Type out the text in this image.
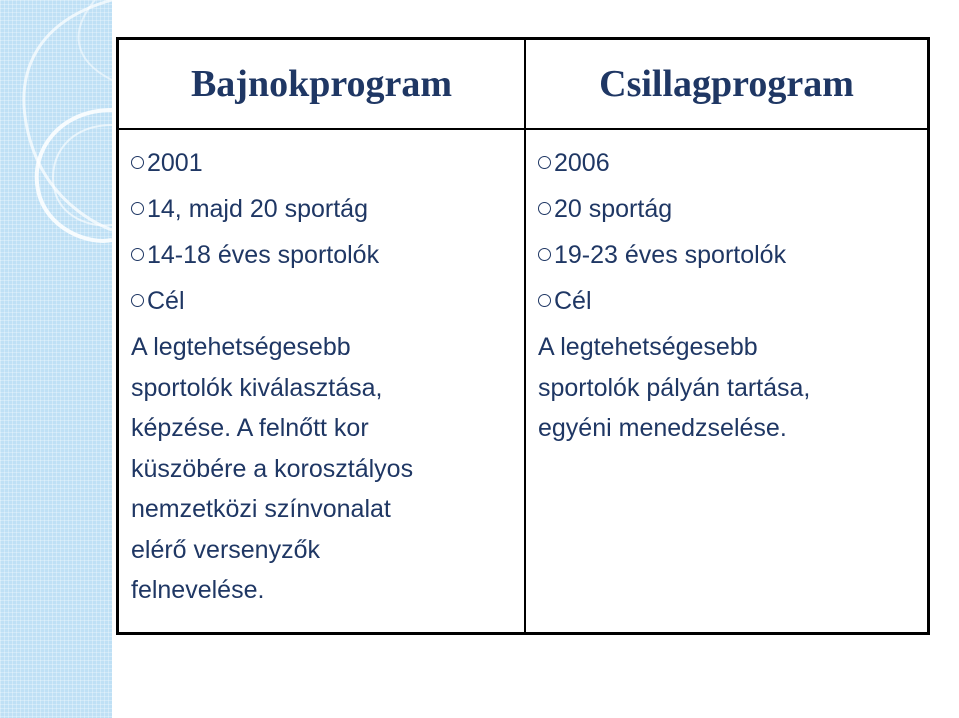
Bajnokprogram
2001
14, majd 20 sportág
14-18 éves sportolók
Cél
A legtehetségesebb
sportolók kiválasztása,
képzése. A felnőtt kor
küszöbére a korosztályos
nemzetközi színvonalat
elérő versenyzők
felnevelése.
Csillagprogram
2006
20 sportág
19-23 éves sportolók
Cél
A legtehetségesebb
sportolók pályán tartása,
egyéni menedzselése.
